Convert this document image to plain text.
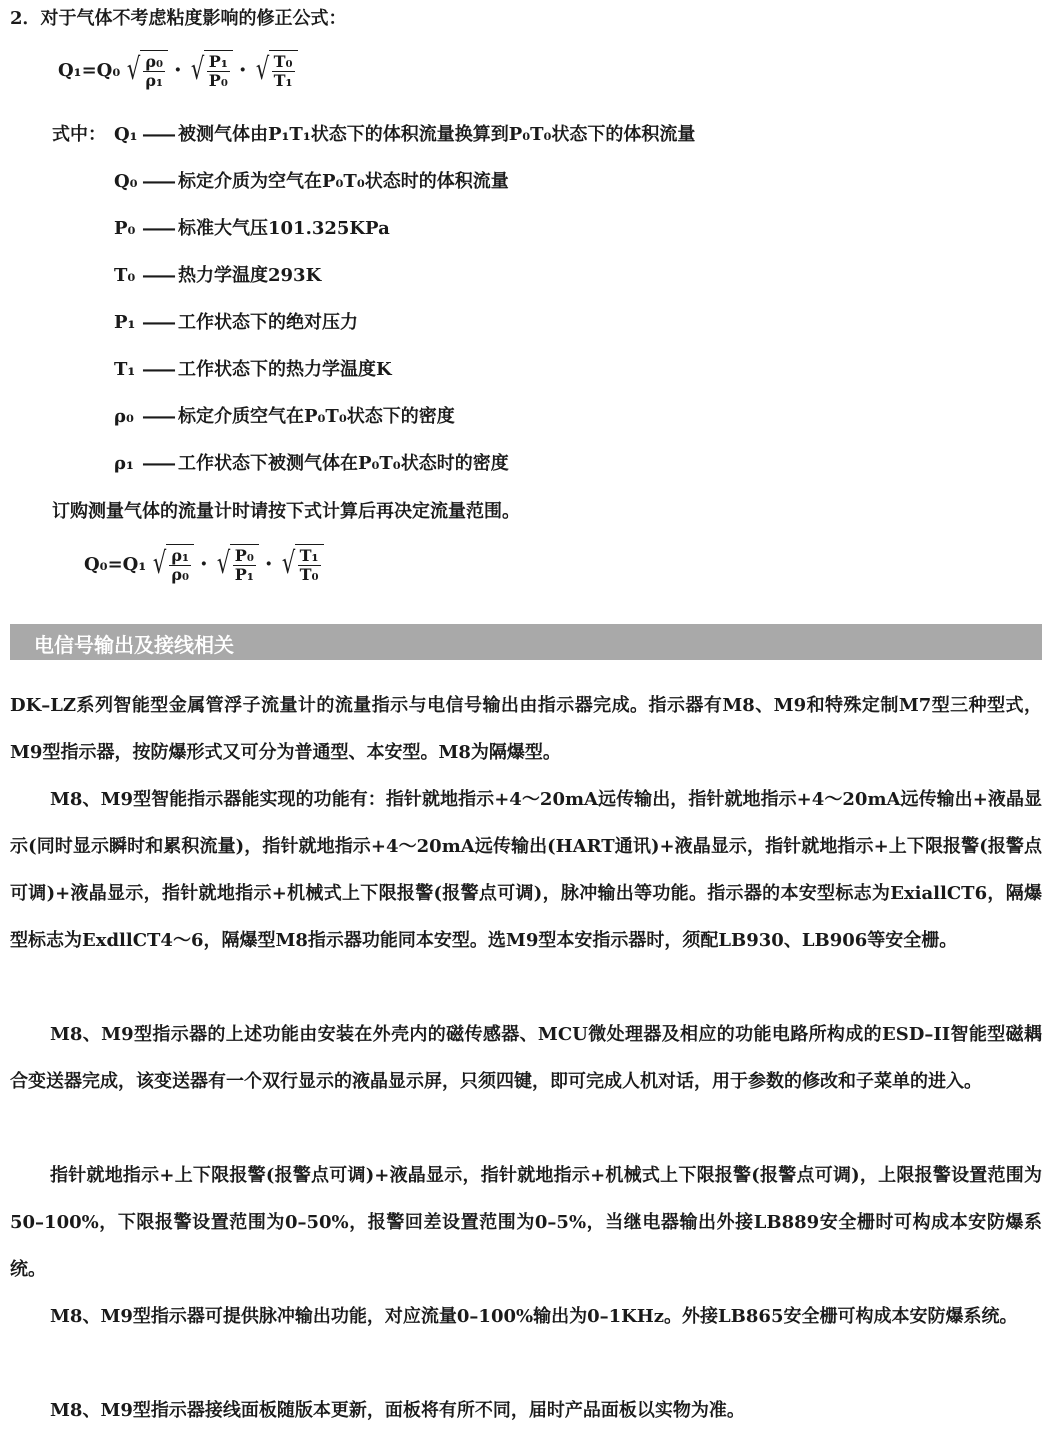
2．对于气体不考虑粘度影响的修正公式：
Q₁=Q₀ √ $\frac{\text{ρ₀}}{\text{ρ₁}}$ · √ $\frac{\text{P₁}}{\text{P₀}}$ · √ $\frac{\text{T₀}}{\text{T₁}}$
式中： Q₁ —— 被测气体由P₁T₁状态下的体积流量换算到P₀T₀状态下的体积流量
Q₀ —— 标定介质为空气在P₀T₀状态时的体积流量
P₀ —— 标准大气压101.325KPa
T₀ —— 热力学温度293K
P₁ —— 工作状态下的绝对压力
T₁ —— 工作状态下的热力学温度K
ρ₀ —— 标定介质空气在P₀T₀状态下的密度
ρ₁ —— 工作状态下被测气体在P₀T₀状态时的密度
订购测量气体的流量计时请按下式计算后再决定流量范围。
Q₀=Q₁ √ $\frac{\text{ρ₁}}{\text{ρ₀}}$ · √ $\frac{\text{P₀}}{\text{P₁}}$ · √ $\frac{\text{T₁}}{\text{T₀}}$
电信号输出及接线相关
DK–LZ系列智能型金属管浮子流量计的流量指示与电信号输出由指示器完成。指示器有M8、M9和特殊定制M7型三种型式，M9型指示器，按防爆形式又可分为普通型、本安型。M8为隔爆型。
M8、M9型智能指示器能实现的功能有：指针就地指示+4～20mA远传输出，指针就地指示+4～20mA远传输出+液晶显示(同时显示瞬时和累积流量)，指针就地指示+4～20mA远传输出(HART通讯)+液晶显示，指针就地指示+上下限报警(报警点可调)+液晶显示，指针就地指示+机械式上下限报警(报警点可调)，脉冲输出等功能。指示器的本安型标志为ExiallCT6，隔爆型标志为ExdllCT4～6，隔爆型M8指示器功能同本安型。选M9型本安指示器时，须配LB930、LB906等安全栅。
M8、M9型指示器的上述功能由安装在外壳内的磁传感器、MCU微处理器及相应的功能电路所构成的ESD–II智能型磁耦合变送器完成，该变送器有一个双行显示的液晶显示屏，只须四键，即可完成人机对话，用于参数的修改和子菜单的进入。
指针就地指示+上下限报警(报警点可调)+液晶显示，指针就地指示+机械式上下限报警(报警点可调)，上限报警设置范围为50–100%，下限报警设置范围为0–50%，报警回差设置范围为0–5%，当继电器输出外接LB889安全栅时可构成本安防爆系统。
M8、M9型指示器可提供脉冲输出功能，对应流量0–100%输出为0–1KHz。外接LB865安全栅可构成本安防爆系统。
M8、M9型指示器接线面板随版本更新，面板将有所不同，届时产品面板以实物为准。
